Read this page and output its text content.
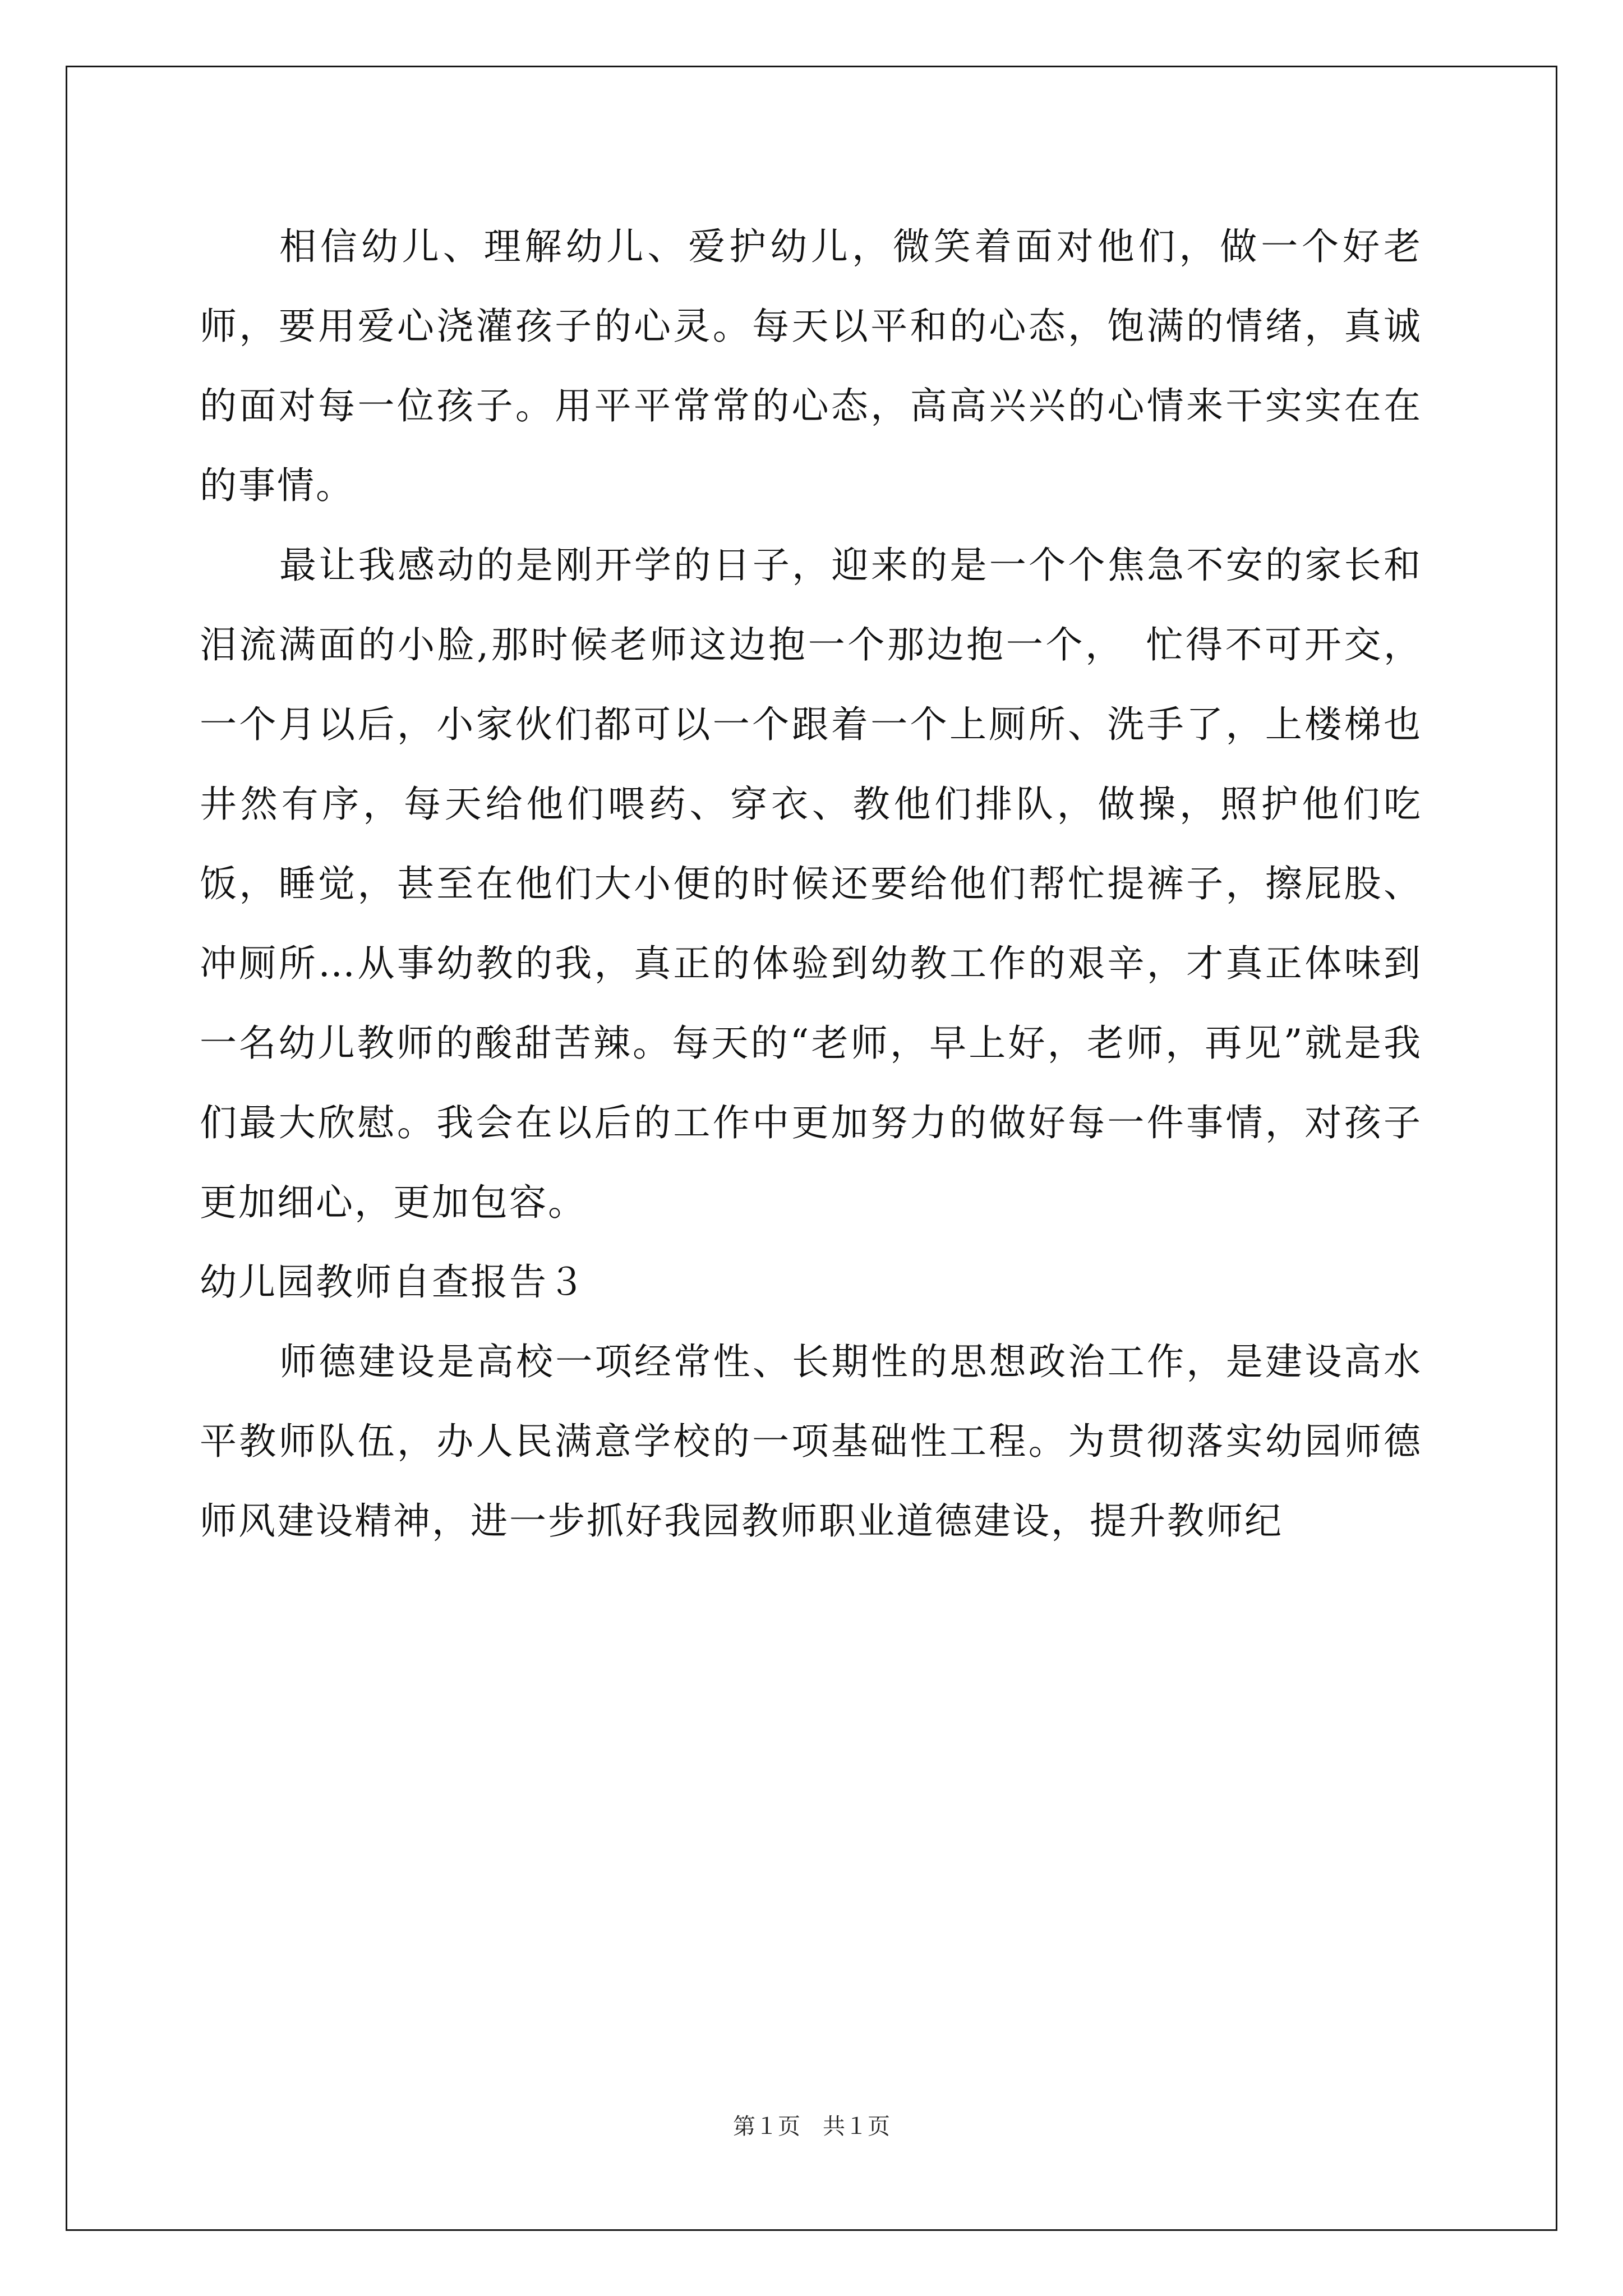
相信幼儿、理解幼儿、爱护幼儿，微笑着面对他们，做一个好老师，要用爱心浇灌孩子的心灵。每天以平和的心态，饱满的情绪，真诚的面对每一位孩子。用平平常常的心态，高高兴兴的心情来干实实在在的事情。

最让我感动的是刚开学的日子，迎来的是一个个焦急不安的家长和泪流满面的小脸,那时候老师这边抱一个那边抱一个，　忙得不可开交，一个月以后，小家伙们都可以一个跟着一个上厕所、洗手了，上楼梯也井然有序，每天给他们喂药、穿衣、教他们排队，做操，照护他们吃饭，睡觉，甚至在他们大小便的时候还要给他们帮忙提裤子，擦屁股、冲厕所…从事幼教的我，真正的体验到幼教工作的艰辛，才真正体味到一名幼儿教师的酸甜苦辣。每天的“老师，早上好，老师，再见”就是我们最大欣慰。我会在以后的工作中更加努力的做好每一件事情，对孩子更加细心，更加包容。

幼儿园教师自查报告３

师德建设是高校一项经常性、长期性的思想政治工作，是建设高水平教师队伍，办人民满意学校的一项基础性工程。为贯彻落实幼园师德师风建设精神，进一步抓好我园教师职业道德建设，提升教师纪

第１页 共１页
